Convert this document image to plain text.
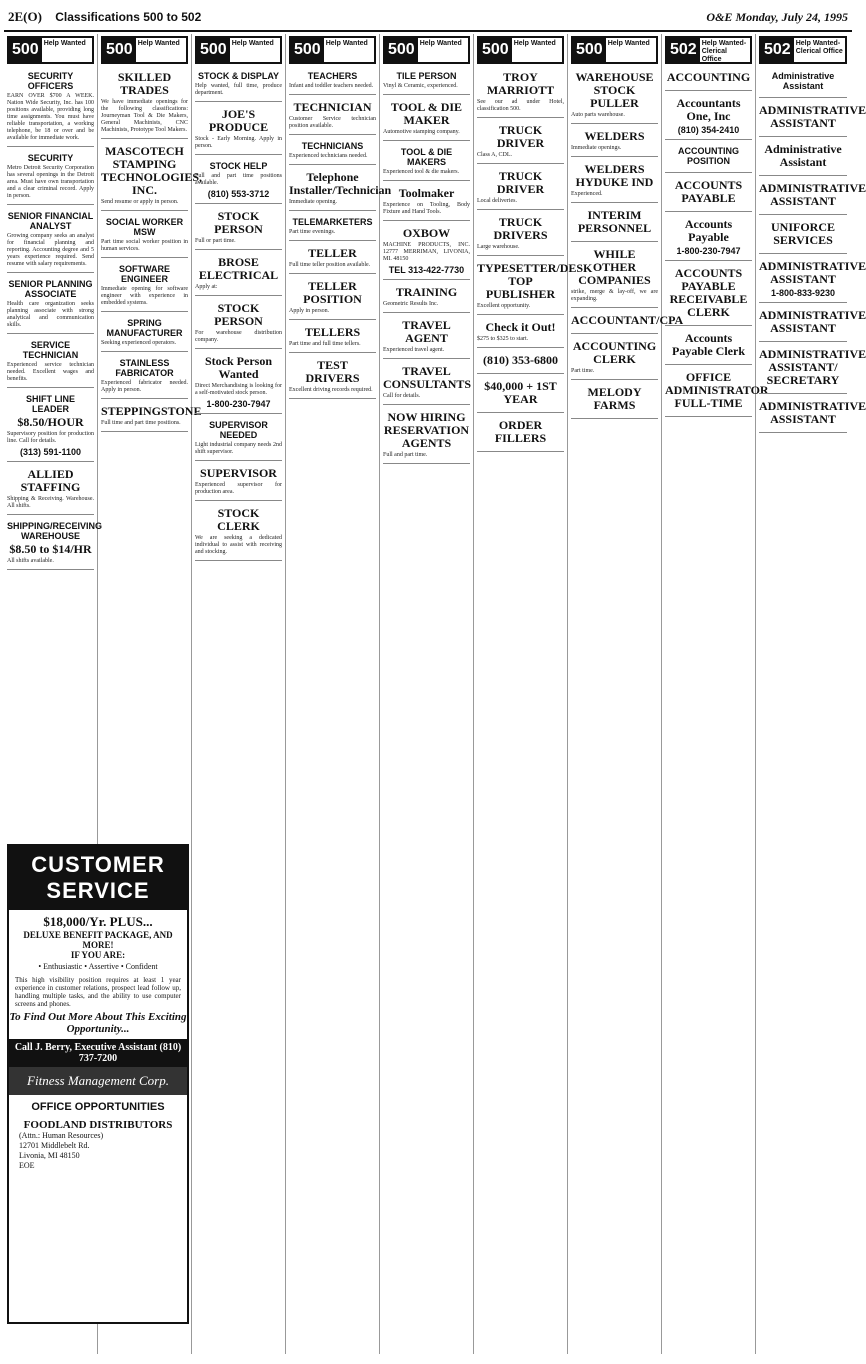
2E(O) Classifications 500 to 502	O&E Monday, July 24, 1995
500 Help Wanted
SECURITY OFFICERS

EARN OVER $700 A WEEK. Nation Wide Security, Inc. has 100 positions available, providing long time assignments. You must have reliable transportation, a working telephone, be 18 or over and be available for immediate work.

SECURITY

Metro Detroit Security Corporation has several openings in the Detroit area. Must have own transportation and a clear criminal record. Apply in person.

SENIOR FINANCIAL ANALYST

Growing company seeks an analyst for financial planning and reporting. Accounting degree and 5 years experience required. Send resume with salary requirements.

SENIOR PLANNING ASSOCIATE

Health care organization seeks planning associate with strong analytical and communication skills.

SERVICE TECHNICIAN

Experienced service technician needed. Excellent wages and benefits.

SHIFT LINE LEADER
$8.50/HOUR

Supervisory position for production line. Call for details.

(313) 591-1100
ALLIED STAFFING

Shipping & Receiving. Warehouse. All shifts.

SHIPPING/RECEIVING WAREHOUSE
$8.50 to $14/HR

All shifts available.

500 Help Wanted
SKILLED TRADES

We have immediate openings for the following classifications: Journeyman Tool & Die Makers, General Machinists, CNC Machinists, Prototype Tool Makers.

MASCOTECH STAMPING TECHNOLOGIES, INC.

Send resume or apply in person.

SOCIAL WORKER MSW

Part time social worker position in human services.

SOFTWARE ENGINEER

Immediate opening for software engineer with experience in embedded systems.

SPRING MANUFACTURER

Seeking experienced operators.

STAINLESS FABRICATOR

Experienced fabricator needed. Apply in person.

STEPPINGSTONE

Full time and part time positions.

500 Help Wanted
STOCK & DISPLAY

Help wanted, full time, produce department.

JOE'S PRODUCE

Stock - Early Morning. Apply in person.

STOCK HELP

Full and part time positions available.

(810) 553-3712
STOCK PERSON

Full or part time.

BROSE ELECTRICAL

Apply at:

STOCK PERSON

For warehouse distribution company.

Stock Person Wanted

Direct Merchandising is looking for a self-motivated stock person.

1-800-230-7947
SUPERVISOR NEEDED

Light industrial company needs 2nd shift supervisor.

SUPERVISOR

Experienced supervisor for production area.

STOCK CLERK

We are seeking a dedicated individual to assist with receiving and stocking.

500 Help Wanted
TEACHERS

Infant and toddler teachers needed.

TECHNICIAN

Customer Service technician position available.

TECHNICIANS

Experienced technicians needed.

Telephone Installer/Technician

Immediate opening.

TELEMARKETERS

Part time evenings.

TELLER

Full time teller position available.

TELLER POSITION

Apply in person.

TELLERS

Part time and full time tellers.

TEST DRIVERS

Excellent driving records required.

500 Help Wanted
TILE PERSON

Vinyl & Ceramic, experienced.

TOOL & DIE MAKER

Automotive stamping company.

TOOL & DIE MAKERS

Experienced tool & die makers.

Toolmaker

Experience on Tooling, Body Fixture and Hand Tools.

OXBOW

MACHINE PRODUCTS, INC. 12777 MERRIMAN, LIVONIA, MI. 48150

TEL 313-422-7730
TRAINING

Geometric Results Inc.

TRAVEL AGENT

Experienced travel agent.

TRAVEL CONSULTANTS

Call for details.

NOW HIRING RESERVATION AGENTS

Full and part time.

500 Help Wanted
TROY MARRIOTT

See our ad under Hotel, classification 500.

TRUCK DRIVER

Class A, CDL.

TRUCK DRIVER

Local deliveries.

TRUCK DRIVERS

Large warehouse.

TYPESETTER/DESK TOP PUBLISHER

Excellent opportunity.

Check it Out!

$275 to $325 to start.

(810) 353-6800
$40,000 + 1ST YEAR
ORDER FILLERS
500 Help Wanted
WAREHOUSE STOCK PULLER

Auto parts warehouse.

WELDERS

Immediate openings.

WELDERS HYDUKE IND

Experienced.

INTERIM PERSONNEL
WHILE OTHER COMPANIES

strike, merge & lay-off, we are expanding.

ACCOUNTANT/CPA
ACCOUNTING CLERK

Part time.

MELODY FARMS
502 Help Wanted-Clerical Office
ACCOUNTING
Accountants One, Inc
(810) 354-2410
ACCOUNTING POSITION
ACCOUNTS PAYABLE
Accounts Payable
1-800-230-7947
ACCOUNTS PAYABLE RECEIVABLE CLERK
Accounts Payable Clerk
OFFICE ADMINISTRATOR FULL-TIME
502 Help Wanted-Clerical Office
Administrative Assistant
ADMINISTRATIVE ASSISTANT
Administrative Assistant
ADMINISTRATIVE ASSISTANT
UNIFORCE SERVICES
ADMINISTRATIVE ASSISTANT
1-800-833-9230
ADMINISTRATIVE ASSISTANT
ADMINISTRATIVE ASSISTANT/ SECRETARY
ADMINISTRATIVE ASSISTANT
CUSTOMER SERVICE
$18,000/Yr. PLUS...
DELUXE BENEFIT PACKAGE, AND MORE!
IF YOU ARE:
• Enthusiastic • Assertive • Confident
This high visibility position requires at least 1 year experience in customer relations, prospect lead follow up, handling multiple tasks, and the ability to use computer screens and phones.
To Find Out More About This Exciting Opportunity...
Call J. Berry, Executive Assistant (810) 737-7200
Fitness Management Corp.
OFFICE OPPORTUNITIES
FOODLAND DISTRIBUTORS
(Attn.: Human Resources)
12701 Middlebelt Rd.
Livonia, MI 48150
EOE
